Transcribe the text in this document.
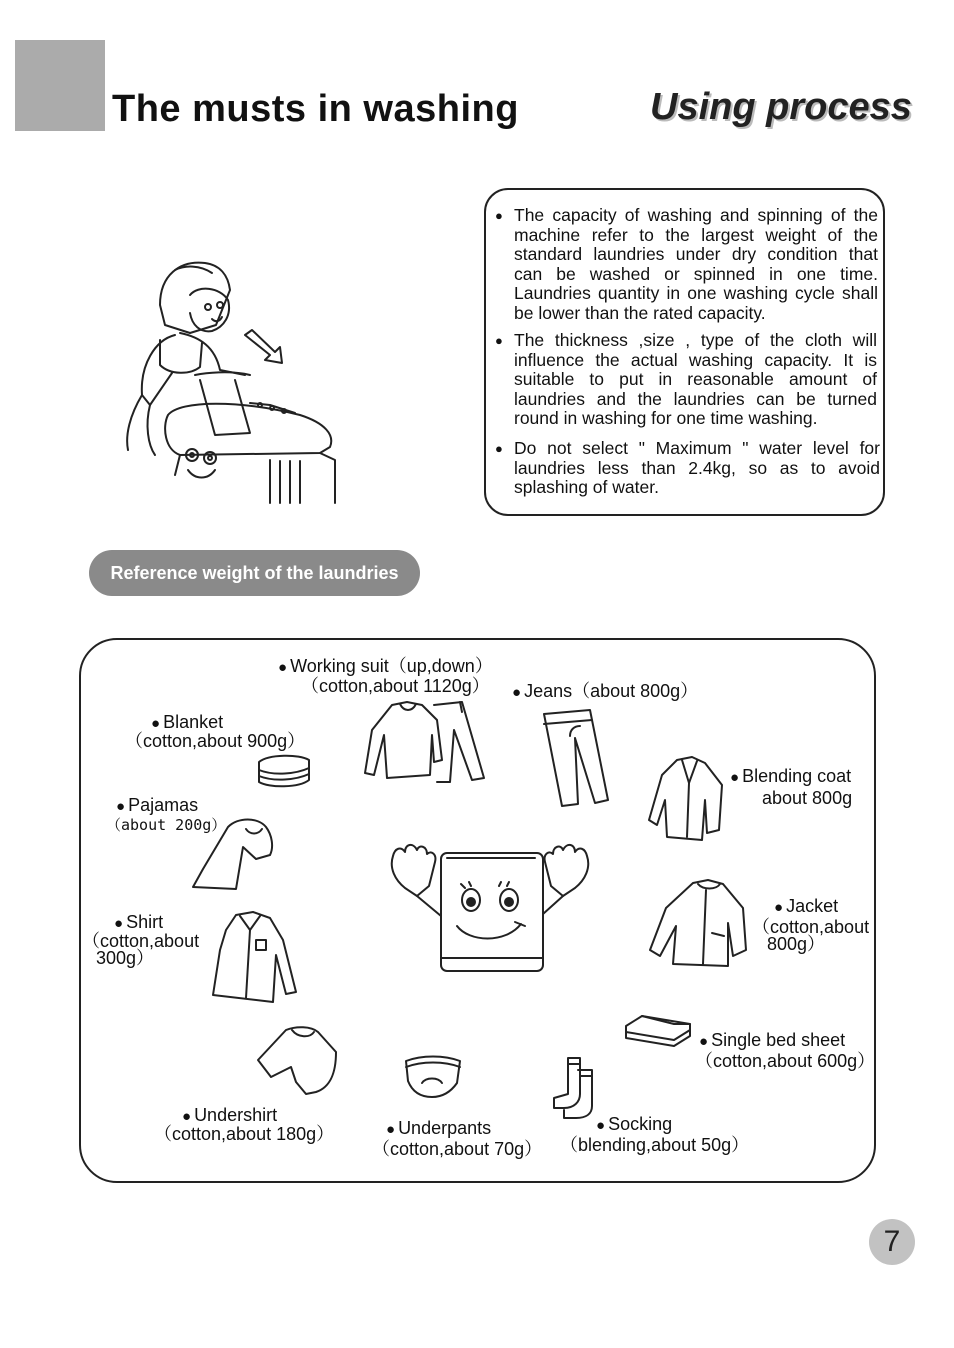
The musts in washing	Using process

● The capacity of washing and spinning of the machine refer to the largest weight of the standard laundries under dry condition that can be washed or spinned in one time. Laundries quantity in one washing cycle shall be lower than the rated capacity.

● The thickness ,size , type of the cloth will influence the actual washing capacity. It is suitable to put in reasonable amount of laundries and the laundries can be turned round in washing for one time washing.

● Do not select " Maximum " water level for laundries less than 2.4kg, so as to avoid splashing of water.

Reference weight of the laundries
● Working suit（up,down）
（cotton,about 1120g） ● Jeans（about 800g）
● Blanket
（cotton,about 900g）
● Blending coat
about 800g
● Pajamas
（about 200g）
● Jacket
（cotton,about
800g）
● Shirt
（cotton,about
300g）
● Single bed sheet
（cotton,about 600g）
● Undershirt
（cotton,about 180g）	● Underpants
（cotton,about 70g）
● Socking
（blending,about 50g）
7
